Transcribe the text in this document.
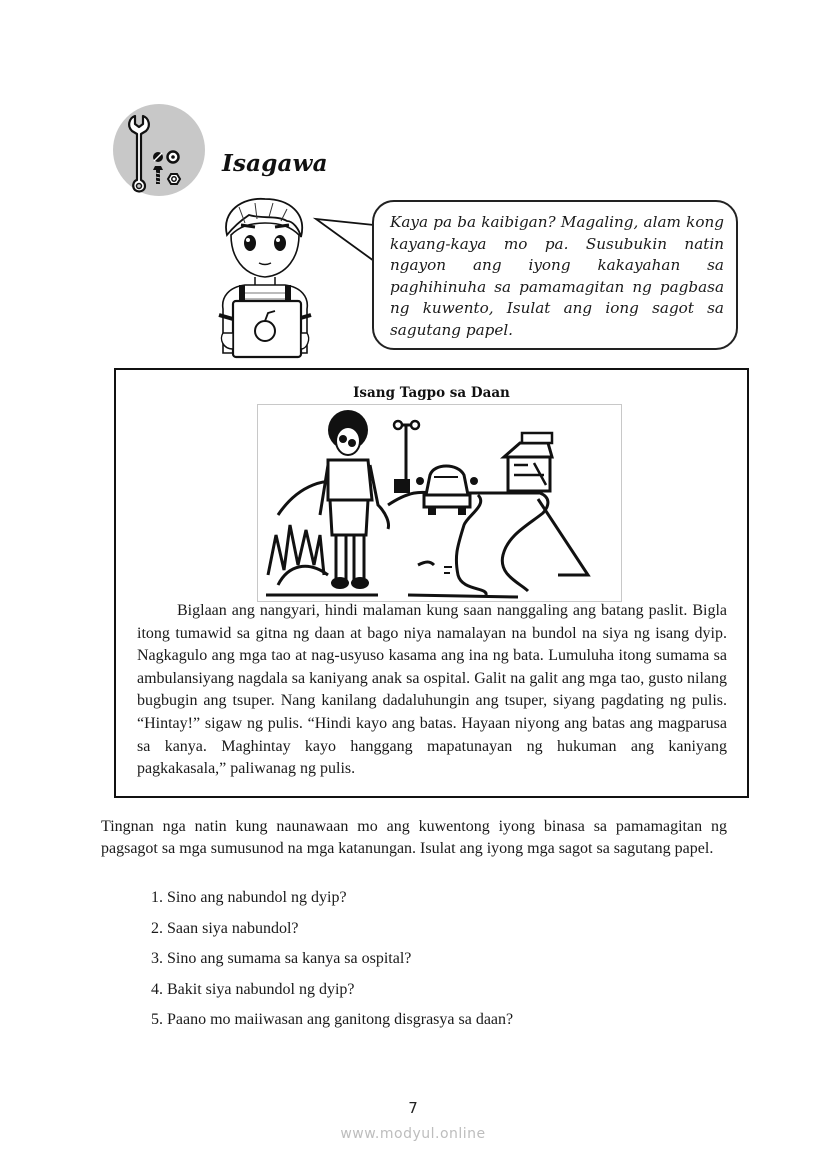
Isagawa
Kaya pa ba kaibigan? Magaling, alam kong kayang-kaya mo pa. Susubukin natin ngayon ang iyong kakayahan sa paghihinuha sa pamamagitan ng pagbasa ng kuwento, Isulat ang iong sagot sa sagutang papel.
Isang Tagpo sa Daan

Biglaan ang nangyari, hindi malaman kung saan nanggaling ang batang paslit. Bigla itong tumawid sa gitna ng daan at bago niya namalayan na bundol na siya ng isang dyip. Nagkagulo ang mga tao at nag-usyuso kasama ang ina ng bata. Lumuluha itong sumama sa ambulansiyang nagdala sa kaniyang anak sa ospital. Galit na galit ang mga tao, gusto nilang bugbugin ang tsuper. Nang kanilang dadaluhungin ang tsuper, siyang pagdating ng pulis. “Hintay!” sigaw ng pulis. “Hindi kayo ang batas. Hayaan niyong ang batas ang magparusa sa kanya. Maghintay kayo hanggang mapatunayan ng hukuman ang kaniyang pagkakasala,” paliwanag ng pulis.

Tingnan nga natin kung naunawaan mo ang kuwentong iyong binasa sa pamamagitan ng pagsagot sa mga sumusunod na mga katanungan. Isulat ang iyong mga sagot sa sagutang papel.
1. Sino ang nabundol ng dyip?
2. Saan siya nabundol?
3. Sino ang sumama sa kanya sa ospital?
4. Bakit siya nabundol ng dyip?
5. Paano mo maiiwasan ang ganitong disgrasya sa daan?
7
www.modyul.online
